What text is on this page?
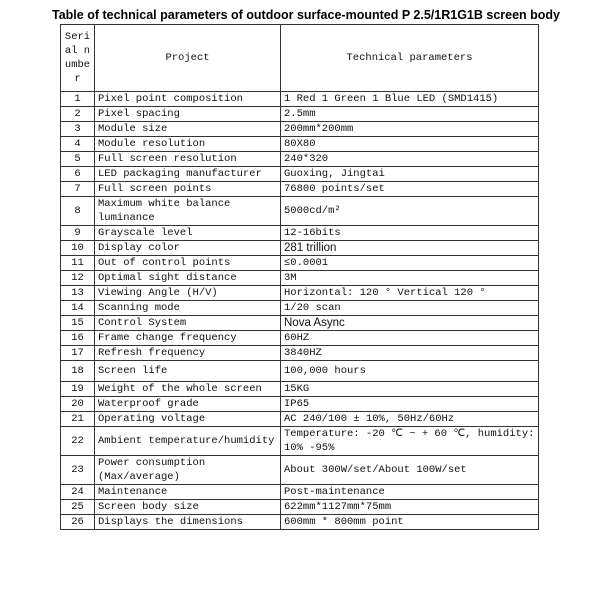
Table of technical parameters of outdoor surface-mounted P 2.5/1R1G1B screen body
Serial number	Project	Technical parameters
1	Pixel point composition	1 Red 1 Green 1 Blue LED (SMD1415)
2	Pixel spacing	2.5mm
3	Module size	200mm*200mm
4	Module resolution	80X80
5	Full screen resolution	240*320
6	LED packaging manufacturer	Guoxing, Jingtai
7	Full screen points	76800 points/set
8	Maximum white balance luminance	5000cd/m²
9	Grayscale level	12-16bits
10	Display color	281 trillion
11	Out of control points	≤0.0001
12	Optimal sight distance	3M
13	Viewing Angle (H/V)	Horizontal: 120 ° Vertical 120 °
14	Scanning mode	1/20 scan
15	Control System	Nova Async
16	Frame change frequency	60HZ
17	Refresh frequency	3840HZ
18	Screen life	100,000 hours
19	Weight of the whole screen	15KG
20	Waterproof grade	IP65
21	Operating voltage	AC 240/100 ± 10%, 50Hz/60Hz
22	Ambient temperature/humidity	Temperature: -20 ℃ ~ + 60 ℃, humidity: 10% -95%
23	Power consumption (Max/average)	About 300W/set/About 100W/set
24	Maintenance	Post-maintenance
25	Screen body size	622mm*1127mm*75mm
26	Displays the dimensions	600mm * 800mm point
